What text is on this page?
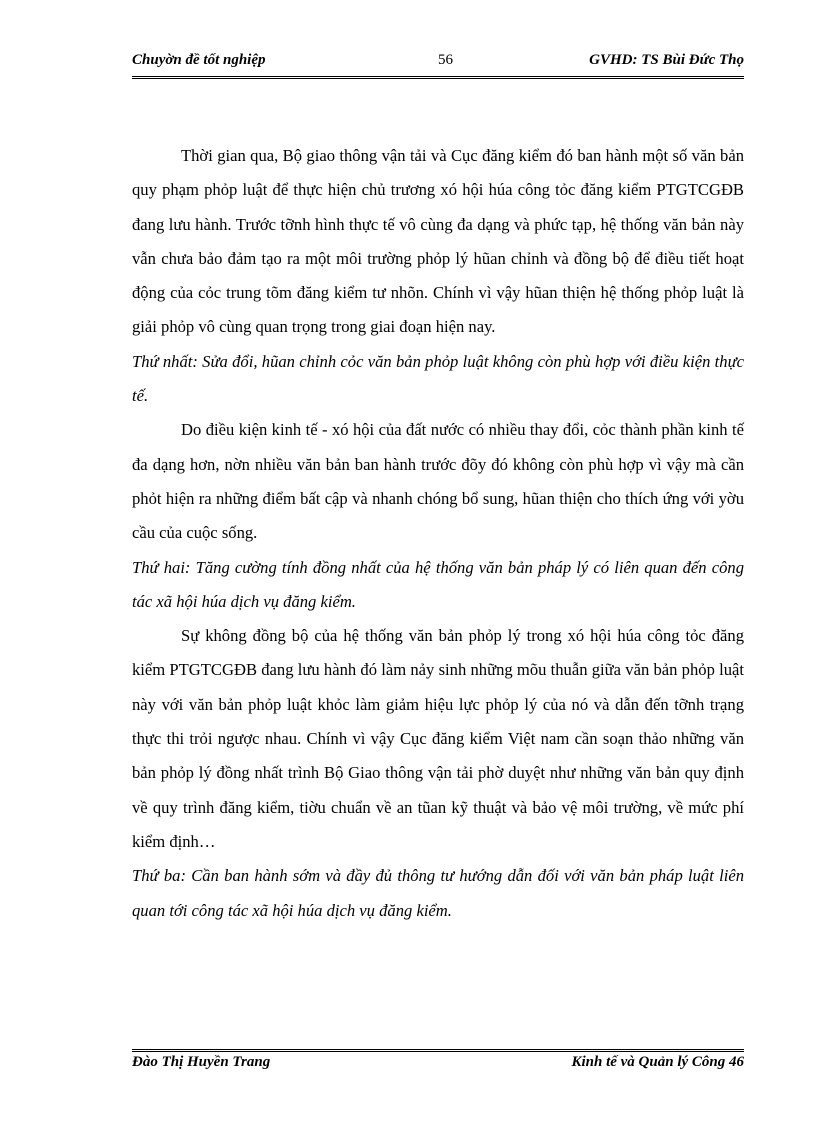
Chuyờn đề tốt nghiệp	56	GVHD: TS Bùi Đức Thọ

Thời gian qua, Bộ giao thông vận tải và Cục đăng kiểm đó ban hành một số văn bản quy phạm phỏp luật để thực hiện chủ trương xó hội húa công tỏc đăng kiểm PTGTCGĐB đang lưu hành. Trước tỡnh hình thực tế vô cùng đa dạng và phức tạp, hệ thống văn bản này vẫn chưa bảo đảm tạo ra một môi trường phỏp lý hũan chỉnh và đồng bộ để điều tiết hoạt động của cỏc trung tõm đăng kiểm tư nhõn. Chính vì vậy hũan thiện hệ thống phỏp luật là giải phỏp vô cùng quan trọng trong giai đoạn hiện nay.

Thứ nhất: Sửa đổi, hũan chỉnh cỏc văn bản phỏp luật không còn phù hợp với điều kiện thực tế.

Do điều kiện kinh tế - xó hội của đất nước có nhiều thay đổi, cỏc thành phần kinh tế đa dạng hơn, nờn nhiều văn bản ban hành trước đõy đó không còn phù hợp vì vậy mà cần phỏt hiện ra những điểm bất cập và nhanh chóng bổ sung, hũan thiện cho thích ứng với yờu cầu của cuộc sống.

Thứ hai: Tăng cường tính đồng nhất của hệ thống văn bản pháp lý có liên quan đến công tác xã hội húa dịch vụ đăng kiểm.

Sự không đồng bộ của hệ thống văn bản phỏp lý trong xó hội húa công tỏc đăng kiểm PTGTCGĐB đang lưu hành đó làm nảy sinh những mõu thuẫn giữa văn bản phỏp luật này với văn bản phỏp luật khỏc làm giảm hiệu lực phỏp lý của nó và dẫn đến tỡnh trạng thực thi trỏi ngược nhau. Chính vì vậy Cục đăng kiểm Việt nam cần soạn thảo những văn bản phỏp lý đồng nhất trình Bộ Giao thông vận tải phờ duyệt như những văn bản quy định về quy trình đăng kiểm, tiờu chuẩn về an tũan kỹ thuật và bảo vệ môi trường, về mức phí kiểm định…

Thứ ba: Cần ban hành sớm và đầy đủ thông tư hướng dẫn đối với văn bản pháp luật liên quan tới công tác xã hội húa dịch vụ đăng kiểm.

Đào Thị Huyền Trang	Kinh tế và Quản lý Công 46
